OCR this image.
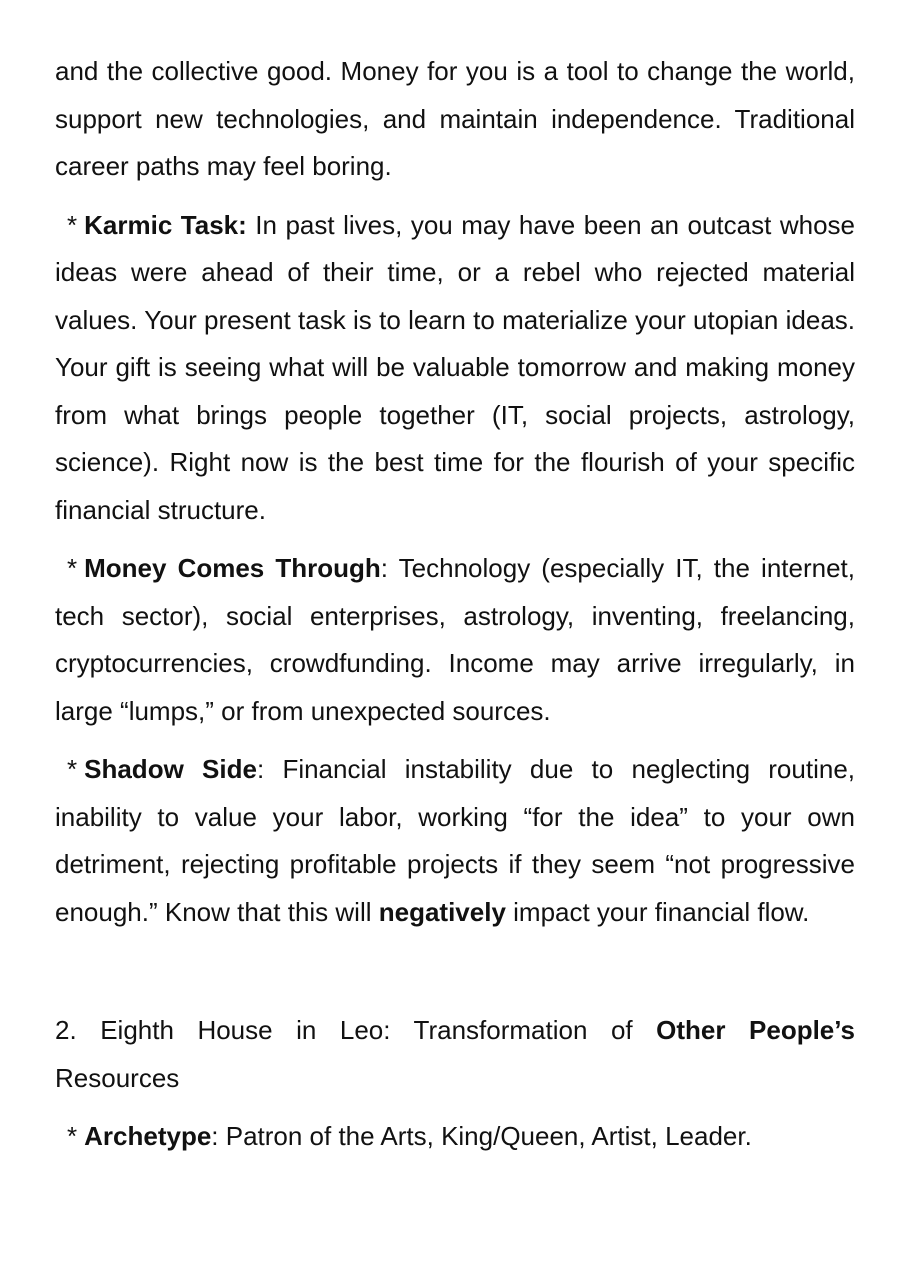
and the collective good. Money for you is a tool to change the world, support new technologies, and maintain independence. Traditional career paths may feel boring.

* Karmic Task: In past lives, you may have been an outcast whose ideas were ahead of their time, or a rebel who rejected material values. Your present task is to learn to materialize your utopian ideas. Your gift is seeing what will be valuable tomorrow and making money from what brings people together (IT, social projects, astrology, science). Right now is the best time for the flourish of your specific financial structure.

* Money Comes Through: Technology (especially IT, the internet, tech sector), social enterprises, astrology, inventing, freelancing, cryptocurrencies, crowdfunding. Income may arrive irregularly, in large “lumps,” or from unexpected sources.

* Shadow Side: Financial instability due to neglecting routine, inability to value your labor, working “for the idea” to your own detriment, rejecting profitable projects if they seem “not progressive enough.” Know that this will negatively impact your financial flow.

2. Eighth House in Leo: Transformation of Other People’s Resources

* Archetype: Patron of the Arts, King/Queen, Artist, Leader.
